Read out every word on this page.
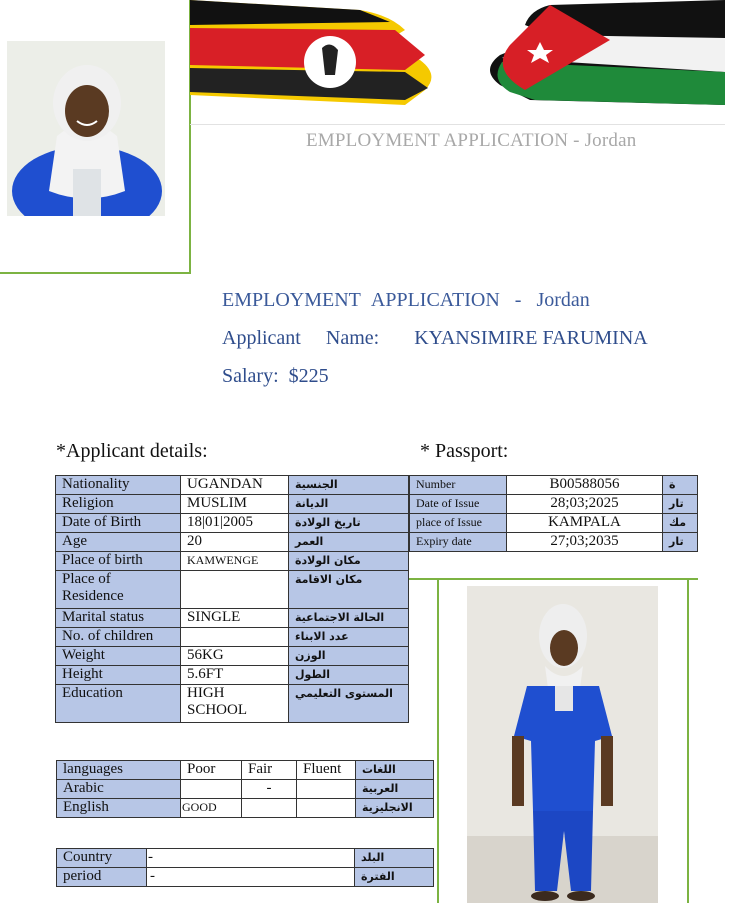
EMPLOYMENT APPLICATION - Jordan
EMPLOYMENT APPLICATION - Jordan
Applicant Name: KYANSIMIRE FARUMINA
Salary: $225
*Applicant details:	* Passport:
Nationality	UGANDAN	الجنسية
Religion	MUSLIM	الديانة
Date of Birth	18|01|2005	تاريخ الولادة
Age	20	العمر
Place of birth	KAMWENGE	مكان الولادة
Place of Residence		مكان الاقامة
Marital status	SINGLE	الحالة الاجتماعية
No. of children		عدد الابناء
Weight	56KG	الوزن
Height	5.6FT	الطول
Education	HIGH SCHOOL	المستوى التعليمي
Number	B00588056	ة
Date of Issue	28;03;2025	تار
place of Issue	KAMPALA	مك
Expiry date	27;03;2035	تار
languages	Poor	Fair	Fluent	اللغات
Arabic		-		العربية
English	GOOD			الانجليزية
Country	-	البلد
period	-	الفترة
